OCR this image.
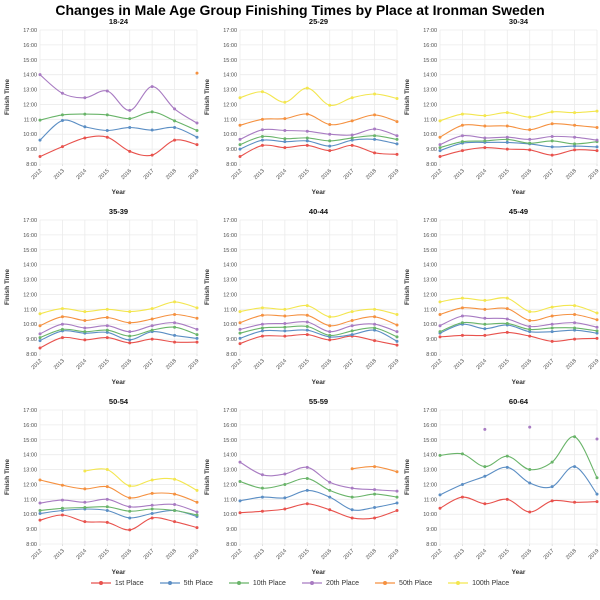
Changes in Male Age Group Finishing Times by Place at Ironman Sweden
8:00
9:00
10:00
11:00
12:00
13:00
14:00
15:00
16:00
17:00
2012 2013 2014 2015 2016 2017 2018 2019
18-24
Year
Finish Time
8:00
9:00
10:00
11:00
12:00
13:00
14:00
15:00
16:00
17:00
2012 2013 2014 2015 2016 2017 2018 2019
25-29
Year
Finish Time
8:00
9:00
10:00
11:00
12:00
13:00
14:00
15:00
16:00
17:00
2012 2013 2014 2015 2016 2017 2018 2019
30-34
Year
Finish Time
8:00
9:00
10:00
11:00
12:00
13:00
14:00
15:00
16:00
17:00
2012 2013 2014 2015 2016 2017 2018 2019
35-39
Year
Finish Time
8:00
9:00
10:00
11:00
12:00
13:00
14:00
15:00
16:00
17:00
2012 2013 2014 2015 2016 2017 2018 2019
40-44
Year
Finish Time
8:00
9:00
10:00
11:00
12:00
13:00
14:00
15:00
16:00
17:00
2012 2013 2014 2015 2016 2017 2018 2019
45-49
Year
Finish Time
8:00
9:00
10:00
11:00
12:00
13:00
14:00
15:00
16:00
17:00
2012 2013 2014 2015 2016 2017 2018 2019
50-54
Year
Finish Time
8:00
9:00
10:00
11:00
12:00
13:00
14:00
15:00
16:00
17:00
2012 2013 2014 2015 2016 2017 2018 2019
55-59
Year
Finish Time
8:00
9:00
10:00
11:00
12:00
13:00
14:00
15:00
16:00
17:00
2012 2013 2014 2015 2016 2017 2018 2019
60-64
Year
Finish Time
1st Place	5th Place	10th Place	20th Place	50th Place	100th Place
